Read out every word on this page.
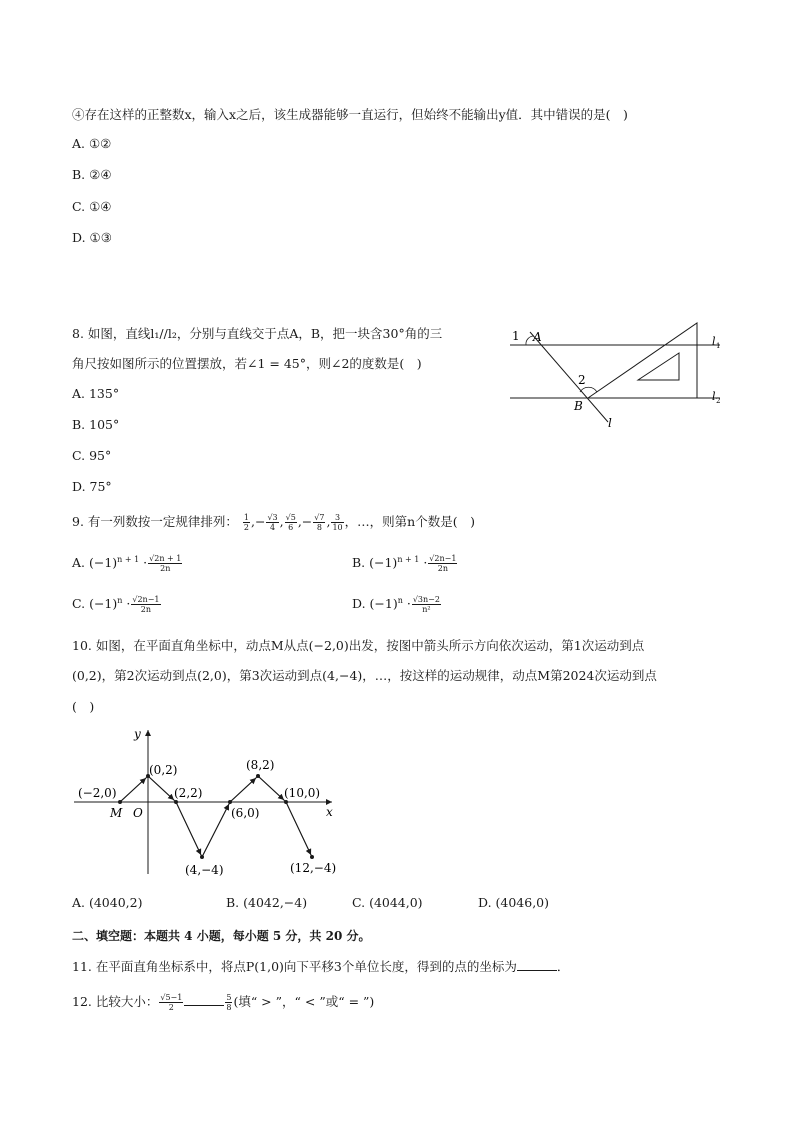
④存在这样的正整数x，输入x之后，该生成器能够一直运行，但始终不能输出y值．其中错误的是(　)
A. ①②
B. ②④
C. ①④
D. ①③
8. 如图，直线l₁//l₂，分别与直线交于点A，B，把一块含30°角的三
角尺按如图所示的位置摆放，若∠1 = 45°，则∠2的度数是(　)
A. 135°
B. 105°
C. 95°
D. 75°
1 A
2
B
l
l 1
l 2
9. 有一列数按一定规律排列： $\frac{1}{2}$ ,− $\frac{√3}{4}$ , $\frac{√5}{6}$ ,− $\frac{√7}{8}$ , $\frac{3}{10}$ ，…，则第n个数是(　)
A. $(-1)^{n + 1} \cdot \frac{√2n + 1}{2n}$	B. $(-1)^{n + 1} \cdot \frac{√2n-1}{2n}$
C. $(-1)^n \cdot \frac{√2n-1}{2n}$	D. $(-1)^n \cdot \frac{√3n-2}{\text{n²}}$
10. 如图，在平面直角坐标中，动点M从点(−2,0)出发，按图中箭头所示方向依次运动，第1次运动到点
(0,2)，第2次运动到点(2,0)，第3次运动到点(4,−4)，…，按这样的运动规律，动点M第2024次运动到点
(　)
y
x
O
M
(−2,0)
(0,2)
(2,2)
(4,−4)
(6,0)
(8,2)
(10,0)
(12,−4)
A. (4040,2)	B. (4042,−4)	C. (4044,0)	D. (4046,0)
二、填空题：本题共 4 小题，每小题 5 分，共 20 分。
11. 在平面直角坐标系中，将点P(1,0)向下平移3个单位长度，得到的点的坐标为	．
12. 比较大小： $\frac{√5-1}{2}$	$\frac{5}{8}$ (填“ > ”，“ < ”或“ = ”)
